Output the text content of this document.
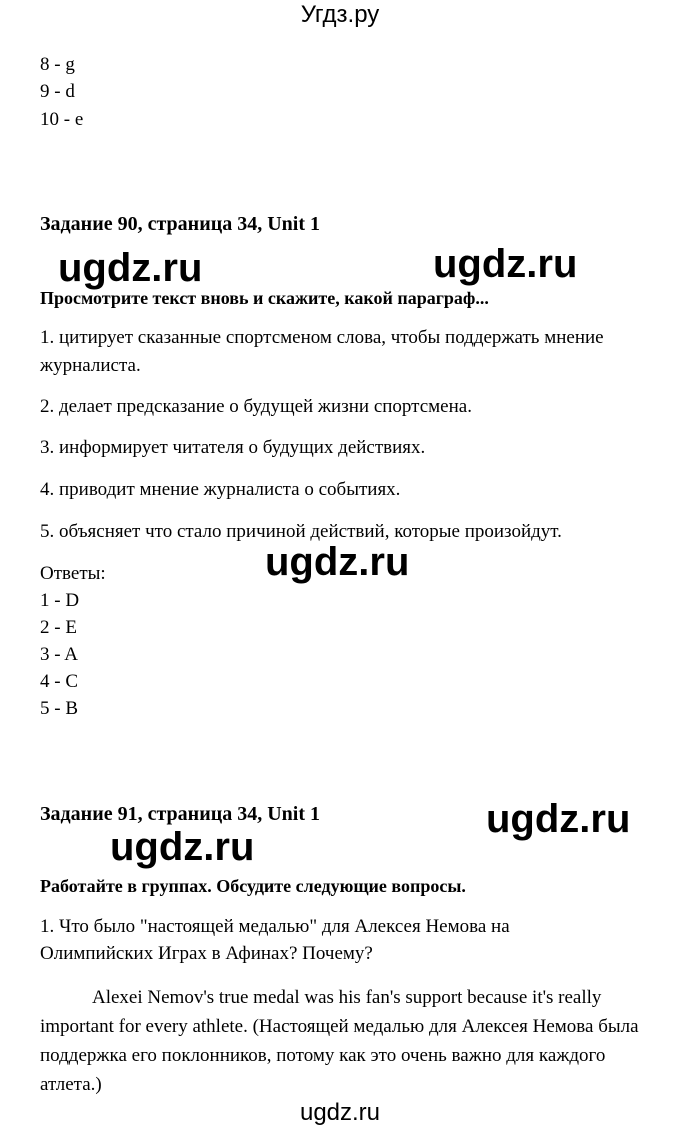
Угдз.ру
8 - g
9 - d
10 - e
Задание 90, страница 34, Unit 1
ugdz.ru	ugdz.ru
Просмотрите текст вновь и скажите, какой параграф...
1. цитирует сказанные спортсменом слова, чтобы поддержать мнение
журналиста.
2. делает предсказание о будущей жизни спортсмена.
3. информирует читателя о будущих действиях.
4. приводит мнение журналиста о событиях.
5. объясняет что стало причиной действий, которые произойдут.
ugdz.ru
Ответы:
1 - D
2 - E
3 - A
4 - C
5 - B
Задание 91, страница 34, Unit 1	ugdz.ru
ugdz.ru
Работайте в группах. Обсудите следующие вопросы.
1. Что было "настоящей медалью" для Алексея Немова на
Олимпийских Играх в Афинах? Почему?
Alexei Nemov's true medal was his fan's support because it's really important for every athlete. (Настоящей медалью для Алексея Немова была поддержка его поклонников, потому как это очень важно для каждого атлета.)
ugdz.ru
